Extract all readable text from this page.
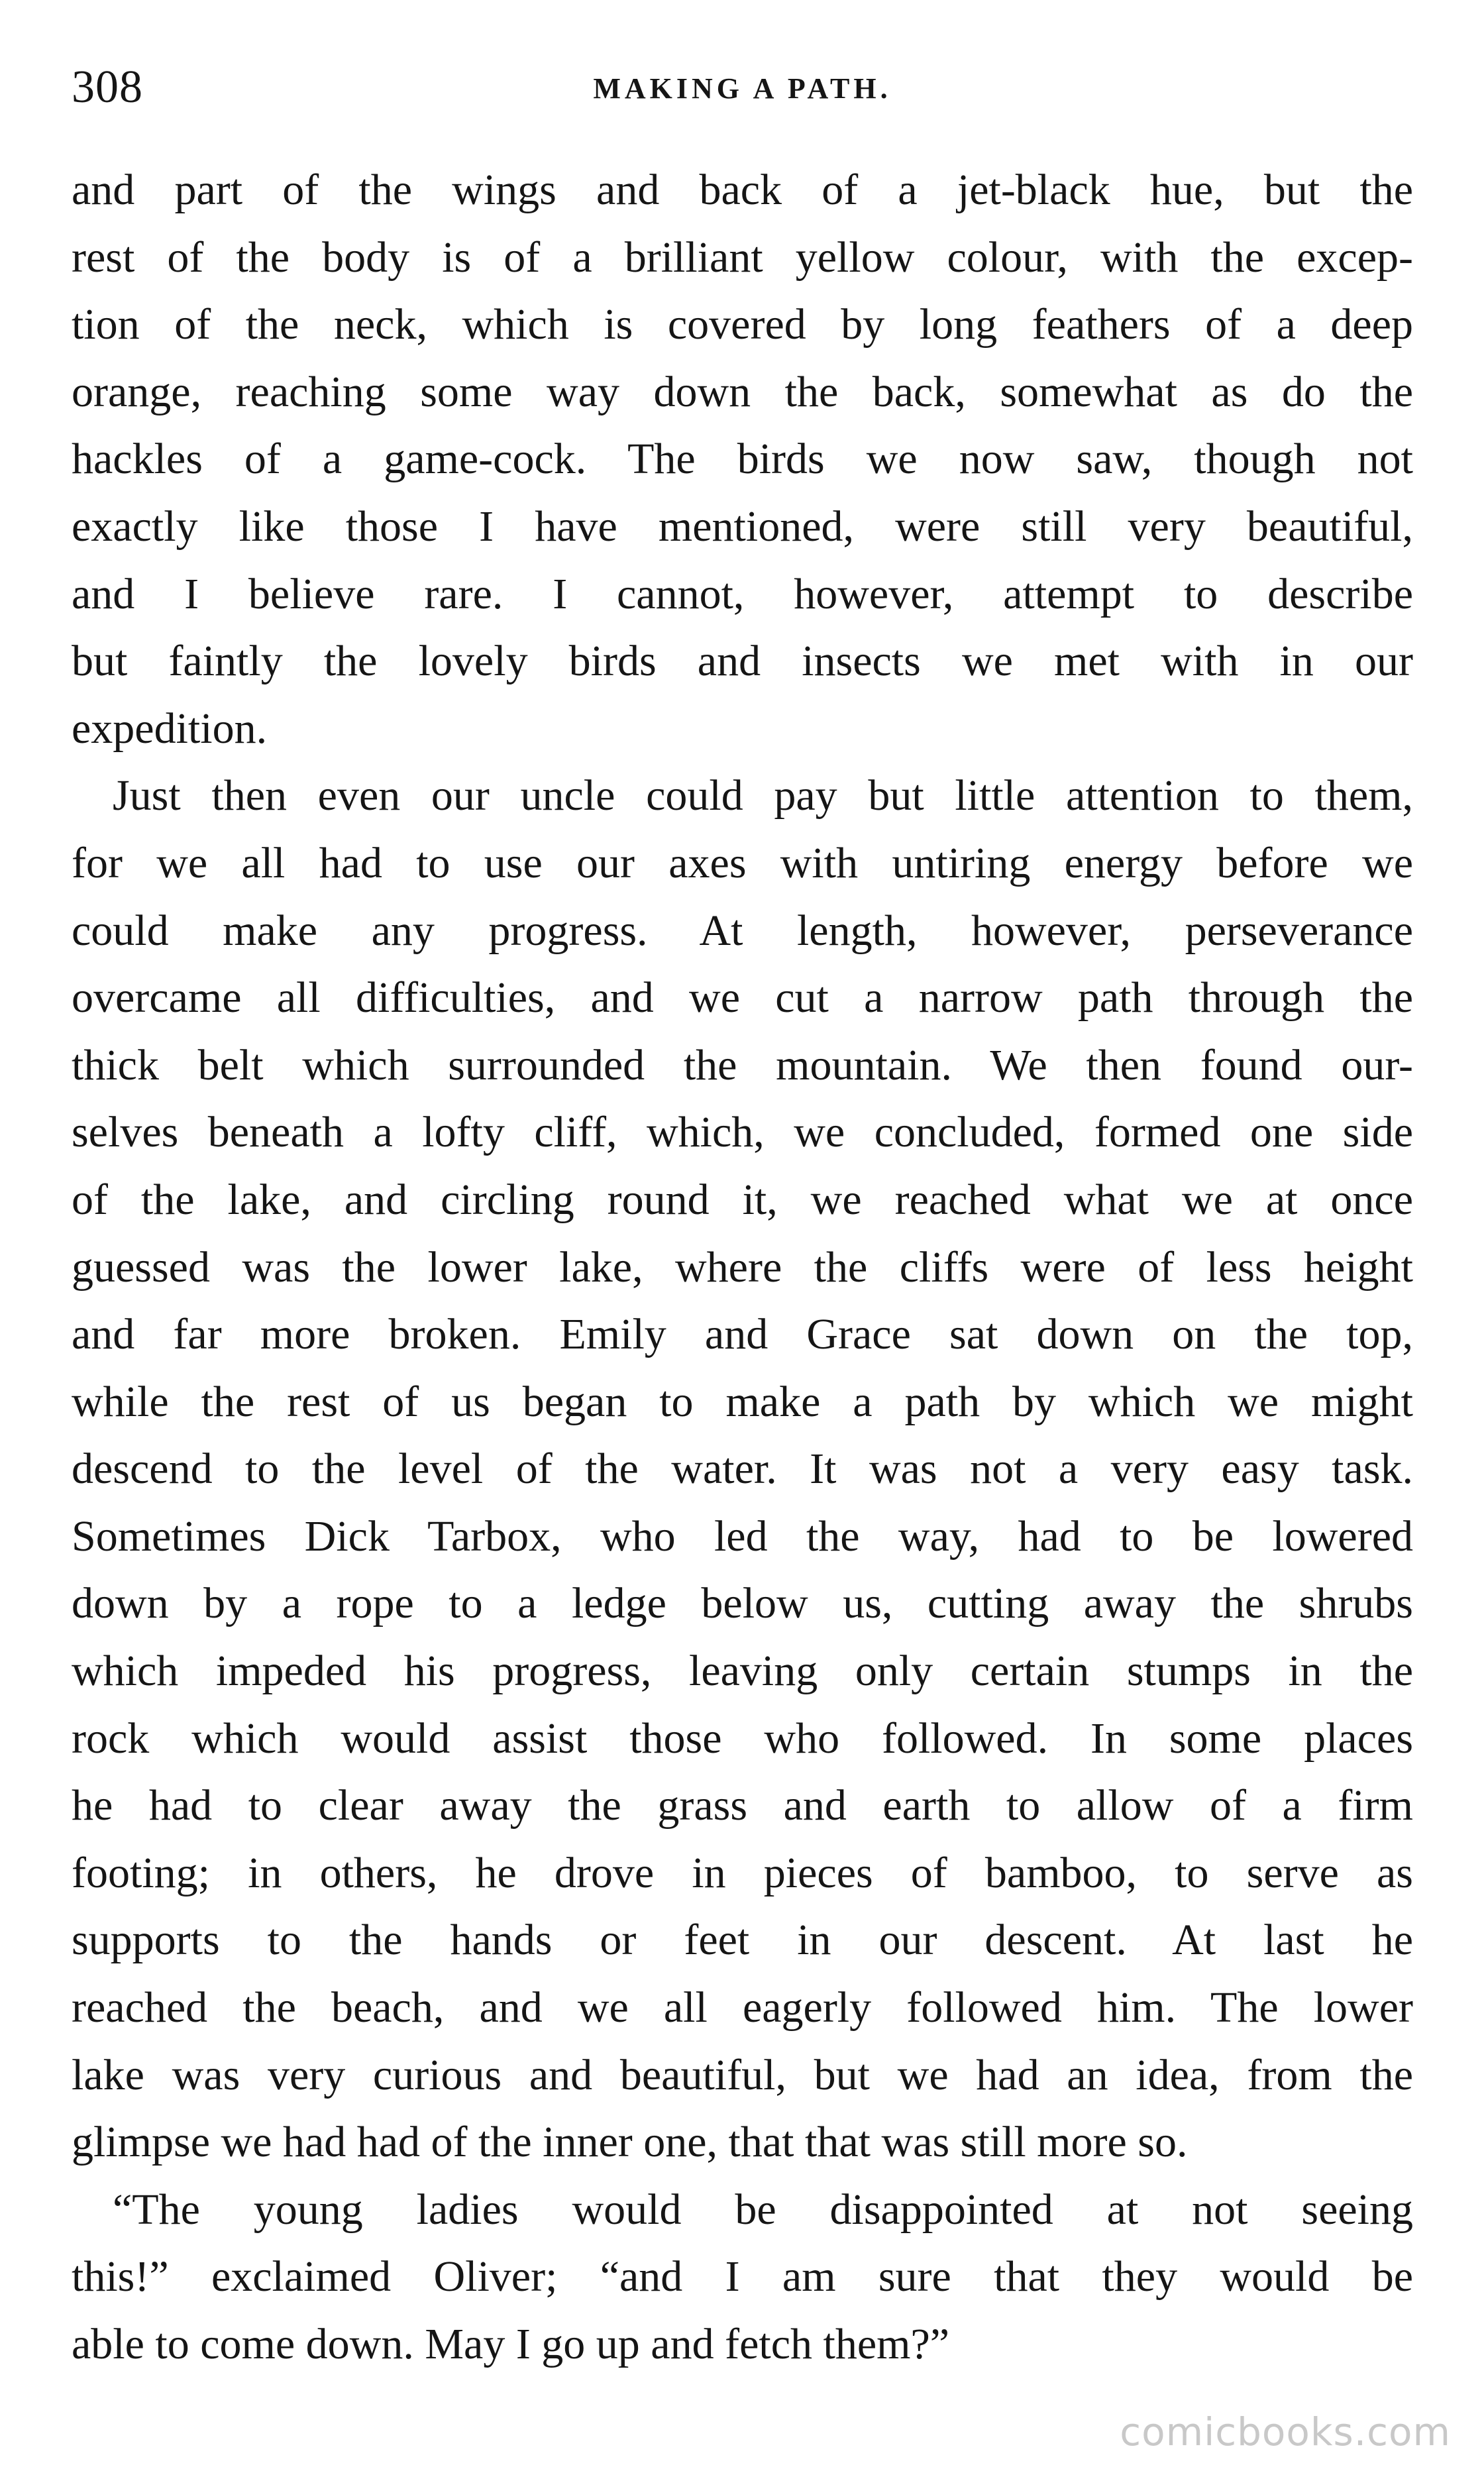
308	MAKING A PATH.
and part of the wings and back of a jet-black hue, but the
rest of the body is of a brilliant yellow colour, with the excep-
tion of the neck, which is covered by long feathers of a deep
orange, reaching some way down the back, somewhat as do the
hackles of a game-cock. The birds we now saw, though not
exactly like those I have mentioned, were still very beautiful,
and I believe rare. I cannot, however, attempt to describe
but faintly the lovely birds and insects we met with in our
expedition.
Just then even our uncle could pay but little attention to them,
for we all had to use our axes with untiring energy before we
could make any progress. At length, however, perseverance
overcame all difficulties, and we cut a narrow path through the
thick belt which surrounded the mountain. We then found our-
selves beneath a lofty cliff, which, we concluded, formed one side
of the lake, and circling round it, we reached what we at once
guessed was the lower lake, where the cliffs were of less height
and far more broken. Emily and Grace sat down on the top,
while the rest of us began to make a path by which we might
descend to the level of the water. It was not a very easy task.
Sometimes Dick Tarbox, who led the way, had to be lowered
down by a rope to a ledge below us, cutting away the shrubs
which impeded his progress, leaving only certain stumps in the
rock which would assist those who followed. In some places
he had to clear away the grass and earth to allow of a firm
footing; in others, he drove in pieces of bamboo, to serve as
supports to the hands or feet in our descent. At last he
reached the beach, and we all eagerly followed him. The lower
lake was very curious and beautiful, but we had an idea, from the
glimpse we had had of the inner one, that that was still more so.
“The young ladies would be disappointed at not seeing
this!” exclaimed Oliver; “and I am sure that they would be
able to come down. May I go up and fetch them?”
comicbooks.com
